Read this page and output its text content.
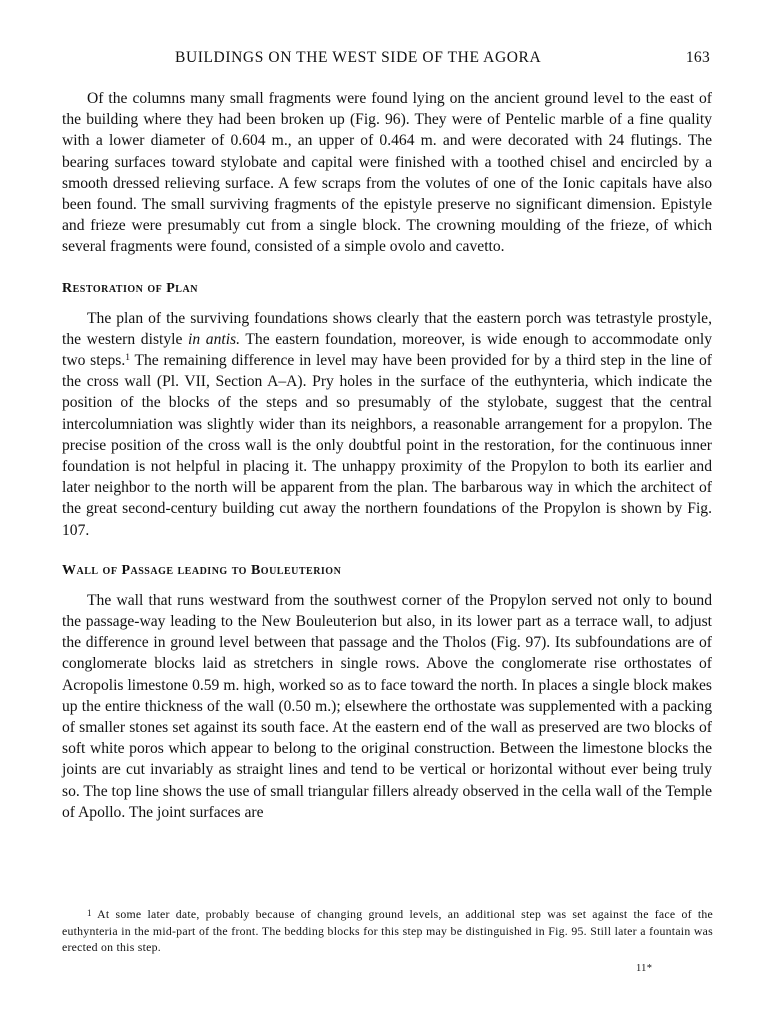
BUILDINGS ON THE WEST SIDE OF THE AGORA	163

Of the columns many small fragments were found lying on the ancient ground level to the east of the building where they had been broken up (Fig. 96). They were of Pentelic marble of a fine quality with a lower diameter of 0.604 m., an upper of 0.464 m. and were decorated with 24 flutings. The bearing surfaces toward stylobate and capital were finished with a toothed chisel and encircled by a smooth dressed relieving surface. A few scraps from the volutes of one of the Ionic capitals have also been found. The small surviving fragments of the epistyle preserve no significant dimension. Epistyle and frieze were presumably cut from a single block. The crowning moulding of the frieze, of which several fragments were found, consisted of a simple ovolo and cavetto.

Restoration of Plan

The plan of the surviving foundations shows clearly that the eastern porch was tetrastyle prostyle, the western distyle in antis. The eastern foundation, moreover, is wide enough to accommodate only two steps.$^1$ The remaining difference in level may have been provided for by a third step in the line of the cross wall (Pl. VII, Section A–A). Pry holes in the surface of the euthynteria, which indicate the position of the blocks of the steps and so presumably of the stylobate, suggest that the central intercolumniation was slightly wider than its neighbors, a reasonable arrangement for a propylon. The precise position of the cross wall is the only doubtful point in the restoration, for the continuous inner foundation is not helpful in placing it. The unhappy proximity of the Propylon to both its earlier and later neighbor to the north will be apparent from the plan. The barbarous way in which the architect of the great second-century building cut away the northern foundations of the Propylon is shown by Fig. 107.

Wall of Passage leading to Bouleuterion

The wall that runs westward from the southwest corner of the Propylon served not only to bound the passage-way leading to the New Bouleuterion but also, in its lower part as a terrace wall, to adjust the difference in ground level between that passage and the Tholos (Fig. 97). Its subfoundations are of conglomerate blocks laid as stretchers in single rows. Above the conglomerate rise orthostates of Acropolis limestone 0.59 m. high, worked so as to face toward the north. In places a single block makes up the entire thickness of the wall (0.50 m.); elsewhere the orthostate was supplemented with a packing of smaller stones set against its south face. At the eastern end of the wall as preserved are two blocks of soft white poros which appear to belong to the original construction. Between the limestone blocks the joints are cut invariably as straight lines and tend to be vertical or horizontal without ever being truly so. The top line shows the use of small triangular fillers already observed in the cella wall of the Temple of Apollo. The joint surfaces are

$^1$ At some later date, probably because of changing ground levels, an additional step was set against the face of the euthynteria in the mid-part of the front. The bedding blocks for this step may be distinguished in Fig. 95. Still later a fountain was erected on this step.

11*
